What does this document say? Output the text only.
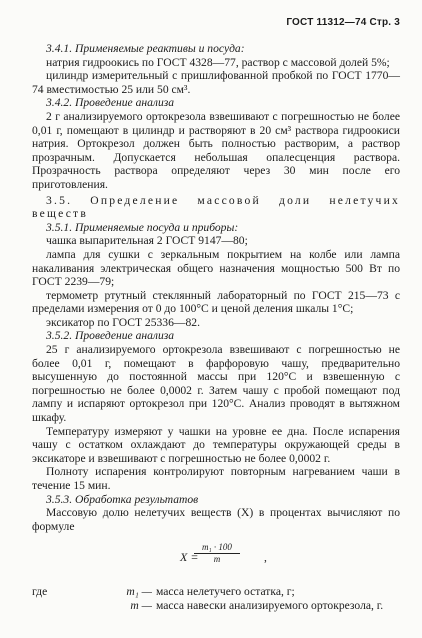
ГОСТ 11312—74 Стр. 3

3.4.1. Применяемые реактивы и посуда:

натрия гидроокись по ГОСТ 4328—77, раствор с массовой долей 5%;

цилиндр измерительный с пришлифованной пробкой по ГОСТ 1770—74 вместимостью 25 или 50 см³.

3.4.2. Проведение анализа

2 г анализируемого ортокрезола взвешивают с погрешностью не более 0,01 г, помещают в цилиндр и растворяют в 20 см³ раствора гидроокиси натрия. Ортокрезол должен быть полностью растворим, а раствор прозрачным. Допускается небольшая опалесценция раствора. Прозрачность раствора определяют через 30 мин после его приготовления.

3.5. Определение массовой доли нелетучих веществ

3.5.1. Применяемые посуда и приборы:

чашка выпарительная 2 ГОСТ 9147—80;

лампа для сушки с зеркальным покрытием на колбе или лампа накаливания электрическая общего назначения мощностью 500 Вт по ГОСТ 2239—79;

термометр ртутный стеклянный лабораторный по ГОСТ 215—73 с пределами измерения от 0 до 100°С и ценой деления шкалы 1°С;

эксикатор по ГОСТ 25336—82.

3.5.2. Проведение анализа

25 г анализируемого ортокрезола взвешивают с погрешностью не более 0,01 г, помещают в фарфоровую чашу, предварительно высушенную до постоянной массы при 120°С и взвешенную с погрешностью не более 0,0002 г. Затем чашу с пробой помещают под лампу и испаряют ортокрезол при 120°С. Анализ проводят в вытяжном шкафу.

Температуру измеряют у чашки на уровне ее дна. После испарения чашу с остатком охлаждают до температуры окружающей среды в эксикаторе и взвешивают с погрешностью не более 0,0002 г.

Полноту испарения контролируют повторным нагреванием чаши в течение 15 мин.

3.5.3. Обработка результатов

Массовую долю нелетучих веществ (X) в процентах вычисляют по формуле

X =
$\frac{\text{m₁ · 100}}{m}$ ,
где	m₁ — масса нелетучего остатка, г;
m — масса навески анализируемого ортокрезола, г.
